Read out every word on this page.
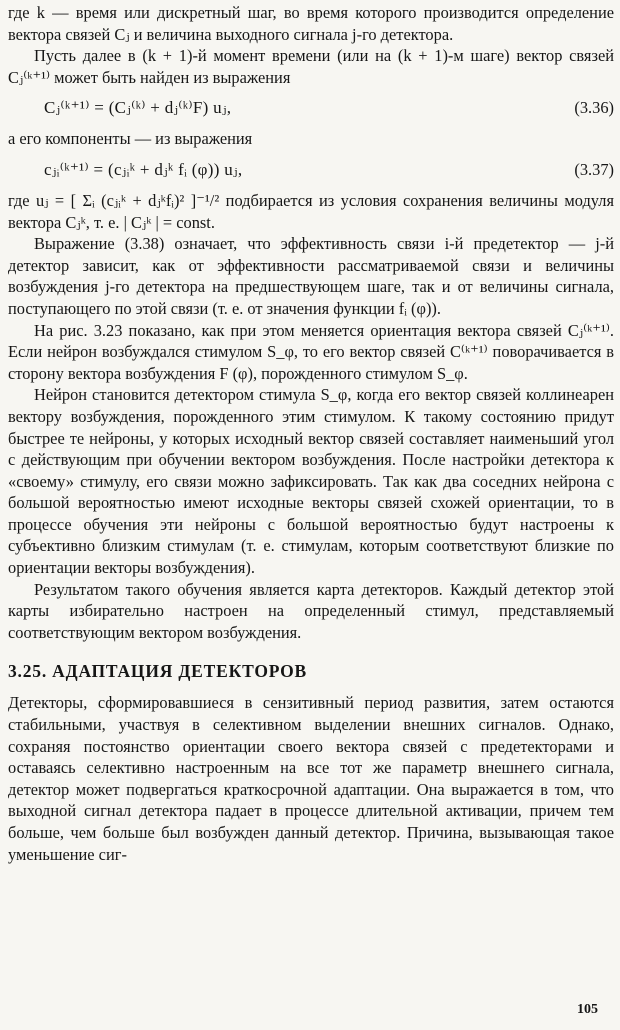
где k — время или дискретный шаг, во время которого производится определение вектора связей Cⱼ и величина выходного сигнала j-го детектора.

Пусть далее в (k + 1)-й момент времени (или на (k + 1)-м шаге) вектор связей Cⱼ⁽ᵏ⁺¹⁾ может быть найден из выражения

Cⱼ⁽ᵏ⁺¹⁾ = (Cⱼ⁽ᵏ⁾ + dⱼ⁽ᵏ⁾F) uⱼ,	(3.36)

а его компоненты — из выражения

cⱼᵢ⁽ᵏ⁺¹⁾ = (cⱼᵢᵏ + dⱼᵏ fᵢ (φ)) uⱼ,	(3.37)

где uⱼ = [ Σᵢ (cⱼᵢᵏ + dⱼᵏfᵢ)² ]⁻¹/² подбирается из условия сохранения величины модуля вектора Cⱼᵏ, т. е. | Cⱼᵏ | = const.

Выражение (3.38) означает, что эффективность связи i-й предетектор — j-й детектор зависит, как от эффективности рассматриваемой связи и величины возбуждения j-го детектора на предшествующем шаге, так и от величины сигнала, поступающего по этой связи (т. е. от значения функции fᵢ (φ)).

На рис. 3.23 показано, как при этом меняется ориентация вектора связей Cⱼ⁽ᵏ⁺¹⁾. Если нейрон возбуждался стимулом S_φ, то его вектор связей C⁽ᵏ⁺¹⁾ поворачивается в сторону вектора возбуждения F (φ), порожденного стимулом S_φ.

Нейрон становится детектором стимула S_φ, когда его вектор связей коллинеарен вектору возбуждения, порожденного этим стимулом. К такому состоянию придут быстрее те нейроны, у которых исходный вектор связей составляет наименьший угол с действующим при обучении вектором возбуждения. После настройки детектора к «своему» стимулу, его связи можно зафиксировать. Так как два соседних нейрона с большой вероятностью имеют исходные векторы связей схожей ориентации, то в процессе обучения эти нейроны с большой вероятностью будут настроены к субъективно близким стимулам (т. е. стимулам, которым соответствуют близкие по ориентации векторы возбуждения).

Результатом такого обучения является карта детекторов. Каждый детектор этой карты избирательно настроен на определенный стимул, представляемый соответствующим вектором возбуждения.

3.25. АДАПТАЦИЯ ДЕТЕКТОРОВ

Детекторы, сформировавшиеся в сензитивный период развития, затем остаются стабильными, участвуя в селективном выделении внешних сигналов. Однако, сохраняя постоянство ориентации своего вектора связей с предетекторами и оставаясь селективно настроенным на все тот же параметр внешнего сигнала, детектор может подвергаться краткосрочной адаптации. Она выражается в том, что выходной сигнал детектора падает в процессе длительной активации, причем тем больше, чем больше был возбужден данный детектор. Причина, вызывающая такое уменьшение сиг-

105
